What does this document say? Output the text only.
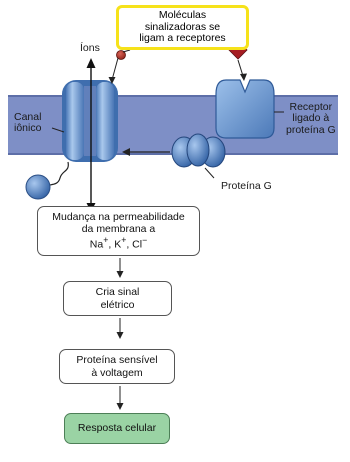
Moléculas
sinalizadoras se
ligam a receptores

Íons

Canal
iônico
Receptor
ligado à
proteína G

Proteína G

Mudança na permeabilidade
da membrana a
Na+, K+, Cl−
Cria sinal
elétrico
Proteína sensível
à voltagem
Resposta celular
